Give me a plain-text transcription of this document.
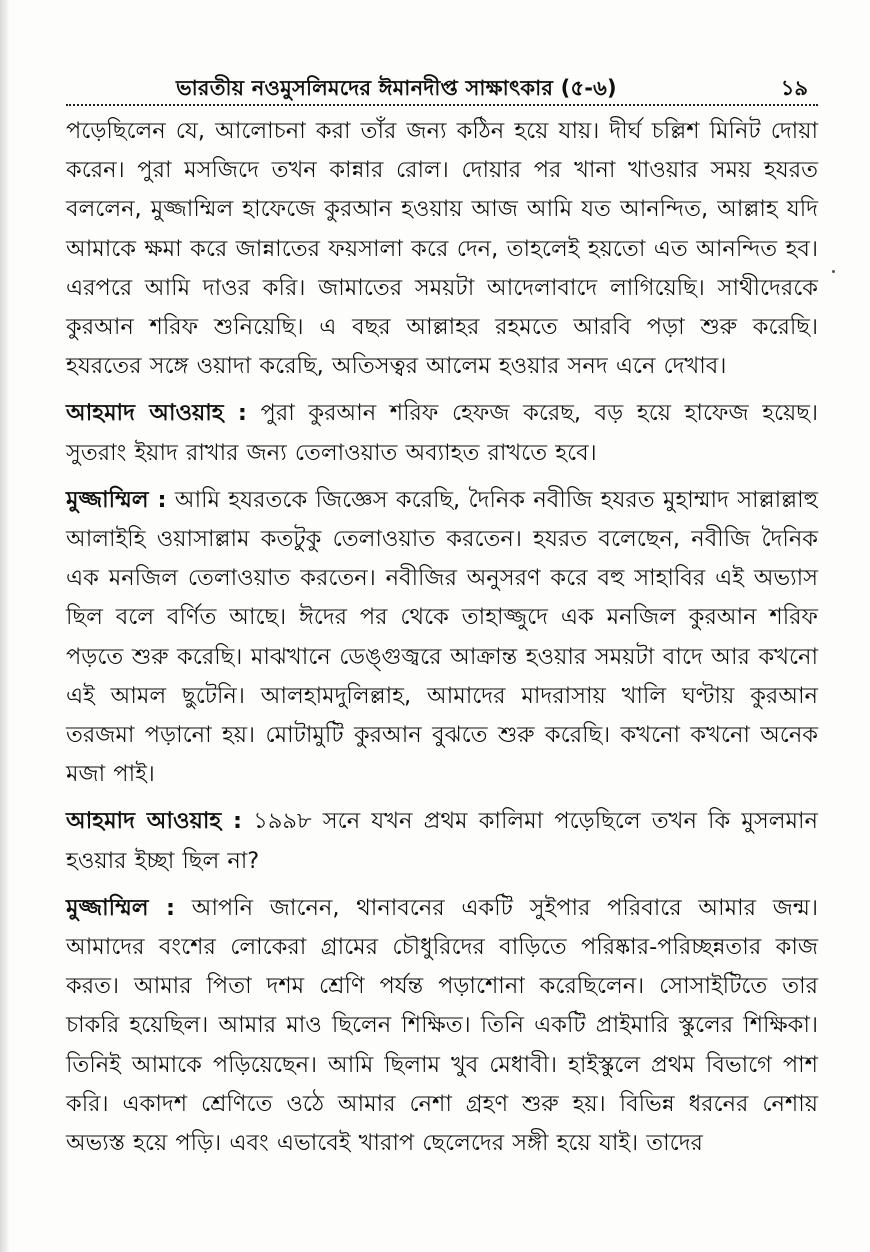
ভারতীয় নওমুসলিমদের ঈমানদীপ্ত সাক্ষাৎকার (৫-৬)	১৯

পড়েছিলেন যে, আলোচনা করা তাঁর জন্য কঠিন হয়ে যায়। দীর্ঘ চল্লিশ মিনিট দোয়া করেন। পুরা মসজিদে তখন কান্নার রোল। দোয়ার পর খানা খাওয়ার সময় হযরত বললেন, মুজ্জাম্মিল হাফেজে কুরআন হওয়ায় আজ আমি যত আনন্দিত, আল্লাহ যদি আমাকে ক্ষমা করে জান্নাতের ফয়সালা করে দেন, তাহলেই হয়তো এত আনন্দিত হব। এরপরে আমি দাওর করি। জামাতের সময়টা আদেলাবাদে লাগিয়েছি। সাথীদেরকে কুরআন শরিফ শুনিয়েছি। এ বছর আল্লাহর রহমতে আরবি পড়া শুরু করেছি। হযরতের সঙ্গে ওয়াদা করেছি, অতিসত্বর আলেম হওয়ার সনদ এনে দেখাব।

আহমাদ আওয়াহ : পুরা কুরআন শরিফ হেফজ করেছ, বড় হয়ে হাফেজ হয়েছ। সুতরাং ইয়াদ রাখার জন্য তেলাওয়াত অব্যাহত রাখতে হবে।

মুজ্জাম্মিল : আমি হযরতকে জিজ্ঞেস করেছি, দৈনিক নবীজি হযরত মুহাম্মাদ সাল্লাল্লাহু আলাইহি ওয়াসাল্লাম কতটুকু তেলাওয়াত করতেন। হযরত বলেছেন, নবীজি দৈনিক এক মনজিল তেলাওয়াত করতেন। নবীজির অনুসরণ করে বহু সাহাবির এই অভ্যাস ছিল বলে বর্ণিত আছে। ঈদের পর থেকে তাহাজ্জুদে এক মনজিল কুরআন শরিফ পড়তে শুরু করেছি। মাঝখানে ডেঙ্গুজ্বরে আক্রান্ত হওয়ার সময়টা বাদে আর কখনো এই আমল ছুটেনি। আলহামদুলিল্লাহ, আমাদের মাদরাসায় খালি ঘণ্টায় কুরআন তরজমা পড়ানো হয়। মোটামুটি কুরআন বুঝতে শুরু করেছি। কখনো কখনো অনেক মজা পাই।

আহমাদ আওয়াহ : ১৯৯৮ সনে যখন প্রথম কালিমা পড়েছিলে তখন কি মুসলমান হওয়ার ইচ্ছা ছিল না?

মুজ্জাম্মিল : আপনি জানেন, থানাবনের একটি সুইপার পরিবারে আমার জন্ম। আমাদের বংশের লোকেরা গ্রামের চৌধুরিদের বাড়িতে পরিষ্কার-পরিচ্ছন্নতার কাজ করত। আমার পিতা দশম শ্রেণি পর্যন্ত পড়াশোনা করেছিলেন। সোসাইটিতে তার চাকরি হয়েছিল। আমার মাও ছিলেন শিক্ষিত। তিনি একটি প্রাইমারি স্কুলের শিক্ষিকা। তিনিই আমাকে পড়িয়েছেন। আমি ছিলাম খুব মেধাবী। হাইস্কুলে প্রথম বিভাগে পাশ করি। একাদশ শ্রেণিতে ওঠে আমার নেশা গ্রহণ শুরু হয়। বিভিন্ন ধরনের নেশায় অভ্যস্ত হয়ে পড়ি। এবং এভাবেই খারাপ ছেলেদের সঙ্গী হয়ে যাই। তাদের
